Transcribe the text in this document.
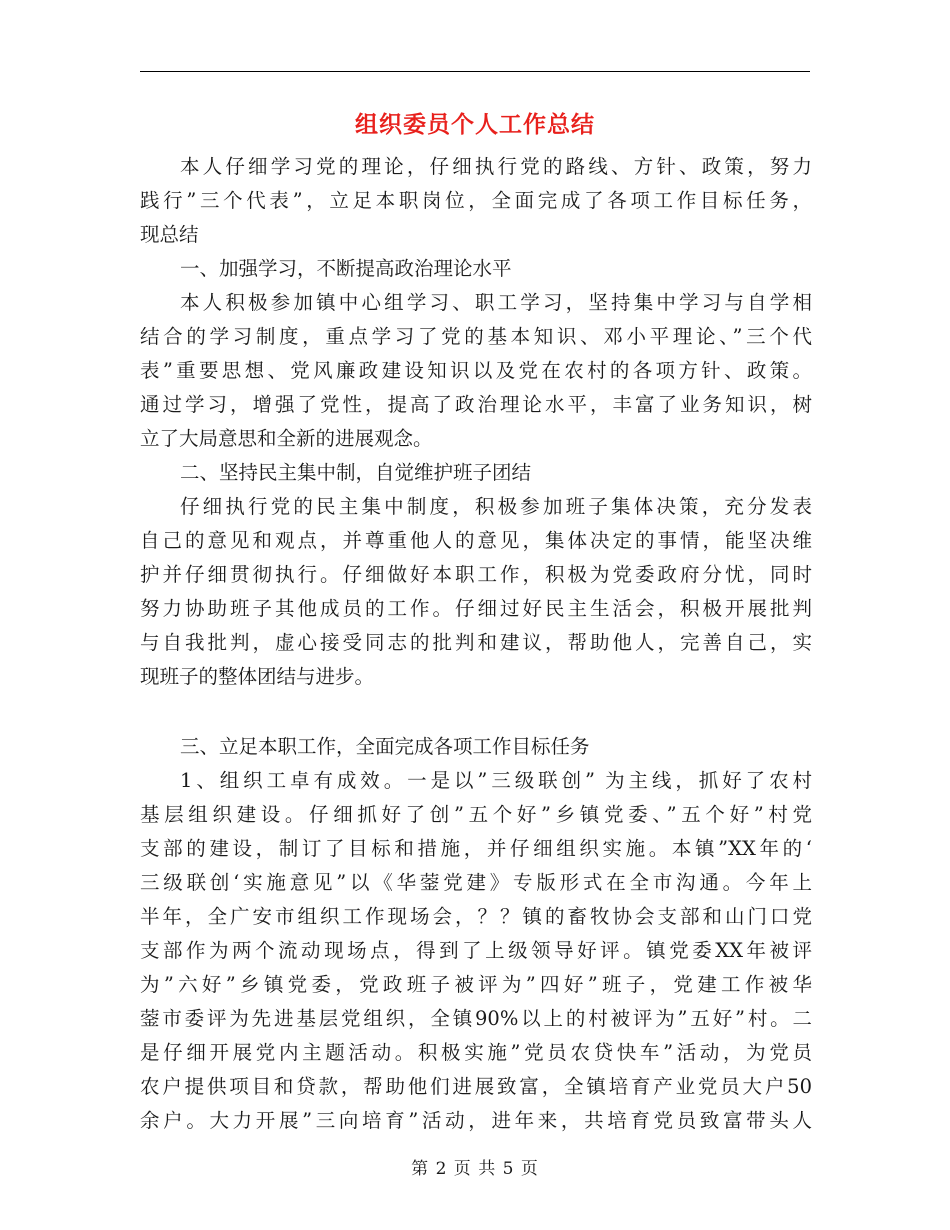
组织委员个人工作总结
本人仔细学习党的理论，仔细执行党的路线、方针、政策，努力
践行”三个代表”，立足本职岗位，全面完成了各项工作目标任务，
现总结
一、加强学习，不断提高政治理论水平
本人积极参加镇中心组学习、职工学习，坚持集中学习与自学相
结合的学习制度，重点学习了党的基本知识、邓小平理论、”三个代
表”重要思想、党风廉政建设知识以及党在农村的各项方针、政策。
通过学习，增强了党性，提高了政治理论水平，丰富了业务知识，树
立了大局意思和全新的进展观念。
二、坚持民主集中制，自觉维护班子团结
仔细执行党的民主集中制度，积极参加班子集体决策，充分发表
自己的意见和观点，并尊重他人的意见，集体决定的事情，能坚决维
护并仔细贯彻执行。仔细做好本职工作，积极为党委政府分忧，同时
努力协助班子其他成员的工作。仔细过好民主生活会，积极开展批判
与自我批判，虚心接受同志的批判和建议，帮助他人，完善自己，实
现班子的整体团结与进步。
三、立足本职工作，全面完成各项工作目标任务
1、组织工卓有成效。一是以”三级联创” 为主线，抓好了农村
基层组织建设。仔细抓好了创”五个好”乡镇党委、”五个好”村党
支部的建设，制订了目标和措施，并仔细组织实施。本镇”XX年的‘
三级联创‘实施意见”以《华蓥党建》专版形式在全市沟通。今年上
半年，全广安市组织工作现场会，？？镇的畜牧协会支部和山门口党
支部作为两个流动现场点，得到了上级领导好评。镇党委XX年被评
为”六好”乡镇党委，党政班子被评为”四好”班子，党建工作被华
蓥市委评为先进基层党组织，全镇90%以上的村被评为”五好”村。二
是仔细开展党内主题活动。积极实施”党员农贷快车”活动，为党员
农户提供项目和贷款，帮助他们进展致富，全镇培育产业党员大户50
余户。大力开展”三向培育”活动，进年来，共培育党员致富带头人
第 2 页 共 5 页
